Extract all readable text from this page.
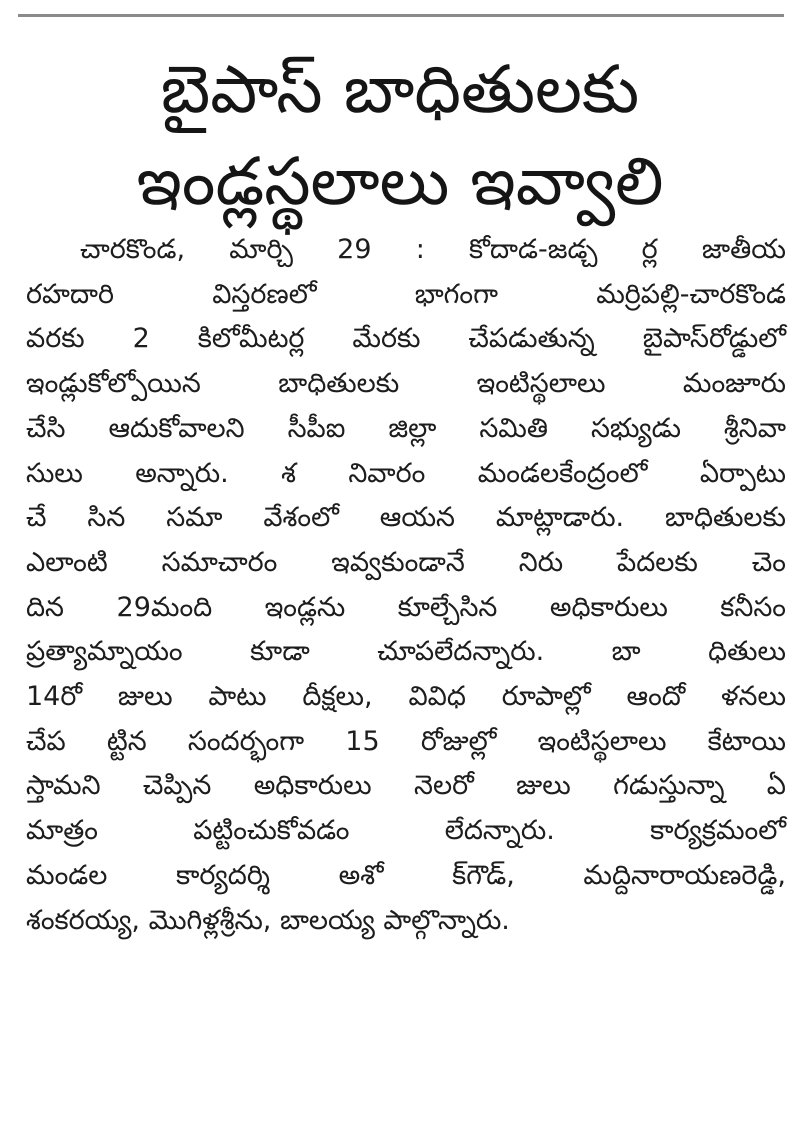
బైపాస్ బాధితులకు
ఇండ్లస్థలాలు ఇవ్వాలి
చారకొండ, మార్చి 29 : కోదాడ-జడ్చ ర్ల జాతీయ
రహదారి విస్తరణలో భాగంగా మర్రిపల్లి-చారకొండ
వరకు 2 కిలోమీటర్ల మేరకు చేపడుతున్న బైపాస్‌రోడ్డులో
ఇండ్లుకోల్పోయిన బాధితులకు ఇంటిస్థలాలు మంజూరు
చేసి ఆదుకోవాలని సీపీఐ జిల్లా సమితి సభ్యుడు శ్రీనివా
సులు అన్నారు. శ నివారం మండలకేంద్రంలో ఏర్పాటు
చే సిన సమా వేశంలో ఆయన మాట్లాడారు. బాధితులకు
ఎలాంటి సమాచారం ఇవ్వకుండానే నిరు పేదలకు చెం
దిన 29మంది ఇండ్లను కూల్చేసిన అధికారులు కనీసం
ప్రత్యామ్నాయం కూడా చూపలేదన్నారు. బా ధితులు
14రో జులు పాటు దీక్షలు, వివిధ రూపాల్లో ఆందో ళనలు
చేప ట్టిన సందర్భంగా 15 రోజుల్లో ఇంటిస్థలాలు కేటాయి
స్తామని చెప్పిన అధికారులు నెలరో జులు గడుస్తున్నా ఏ
మాత్రం పట్టించుకోవడం లేదన్నారు. కార్యక్రమంలో
మండల కార్యదర్శి అశో క్‌గౌడ్, మద్దినారాయణరెడ్డి,
శంకరయ్య, మొగిళ్లశ్రీను, బాలయ్య పాల్గొన్నారు.
